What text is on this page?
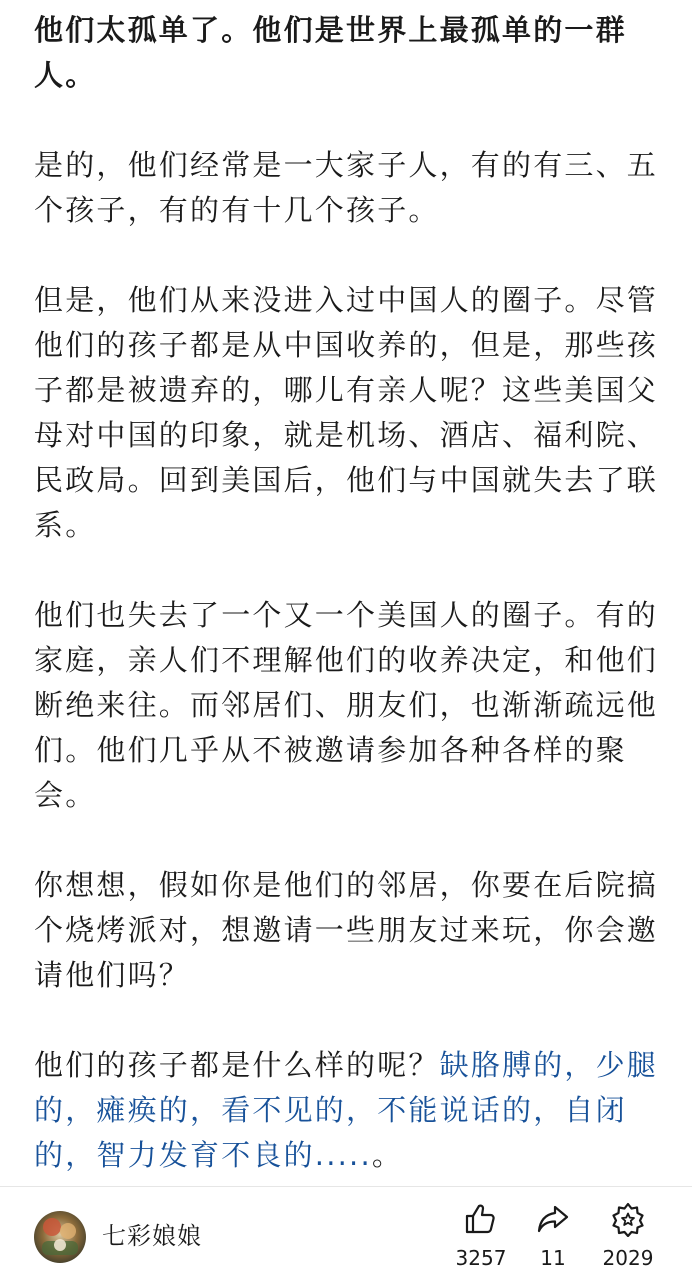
他们太孤单了。他们是世界上最孤单的一群人。

是的，他们经常是一大家子人，有的有三、五个孩子，有的有十几个孩子。

但是，他们从来没进入过中国人的圈子。尽管他们的孩子都是从中国收养的，但是，那些孩子都是被遗弃的，哪儿有亲人呢？这些美国父母对中国的印象，就是机场、酒店、福利院、民政局。回到美国后，他们与中国就失去了联系。

他们也失去了一个又一个美国人的圈子。有的家庭，亲人们不理解他们的收养决定，和他们断绝来往。而邻居们、朋友们，也渐渐疏远他们。他们几乎从不被邀请参加各种各样的聚会。

你想想，假如你是他们的邻居，你要在后院搞个烧烤派对，想邀请一些朋友过来玩，你会邀请他们吗？

他们的孩子都是什么样的呢？缺胳膊的，少腿的，瘫痪的，看不见的，不能说话的，自闭的，智力发育不良的.....。

七彩娘娘
3257	11	2029
